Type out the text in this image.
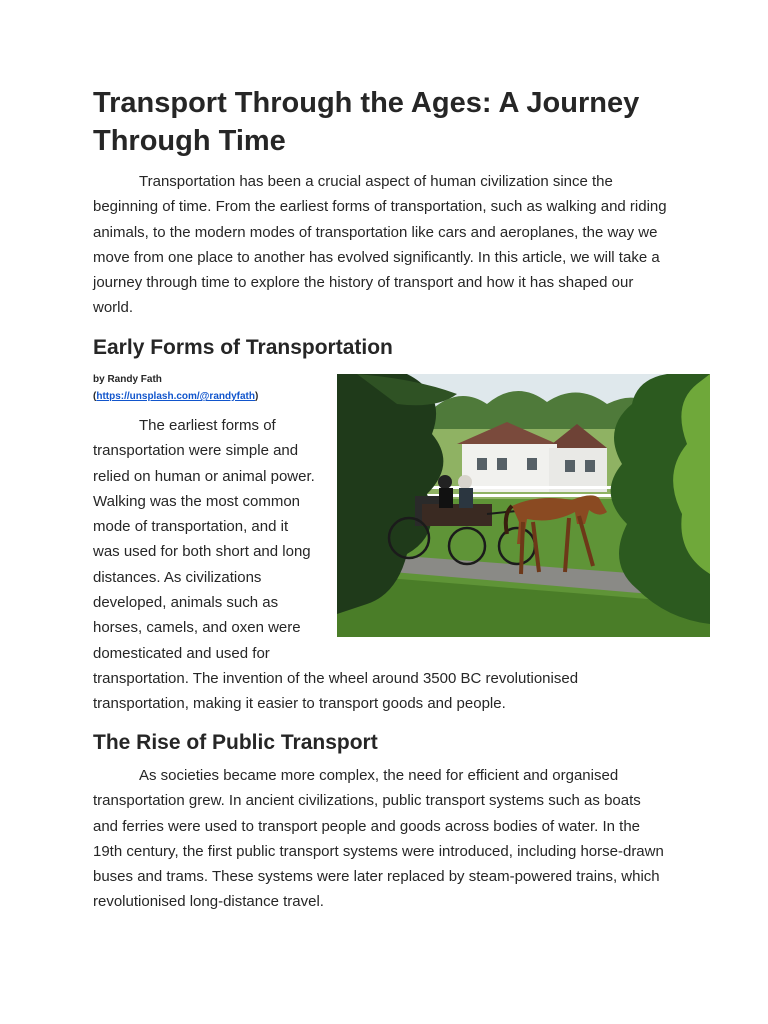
Transport Through the Ages: A Journey Through Time

Transportation has been a crucial aspect of human civilization since the beginning of time. From the earliest forms of transportation, such as walking and riding animals, to the modern modes of transportation like cars and aeroplanes, the way we move from one place to another has evolved significantly. In this article, we will take a journey through time to explore the history of transport and how it has shaped our world.

Early Forms of Transportation
by Randy Fath
(https://unsplash.com/@randyfath)
The earliest forms of
transportation were simple and
relied on human or animal power.
Walking was the most common
mode of transportation, and it
was used for both short and long
distances. As civilizations
developed, animals such as
horses, camels, and oxen were
domesticated and used for
transportation. The invention of the wheel around 3500 BC revolutionised
transportation, making it easier to transport goods and people.
The Rise of Public Transport

As societies became more complex, the need for efficient and organised transportation grew. In ancient civilizations, public transport systems such as boats and ferries were used to transport people and goods across bodies of water. In the 19th century, the first public transport systems were introduced, including horse-drawn buses and trams. These systems were later replaced by steam-powered trains, which revolutionised long-distance travel.
